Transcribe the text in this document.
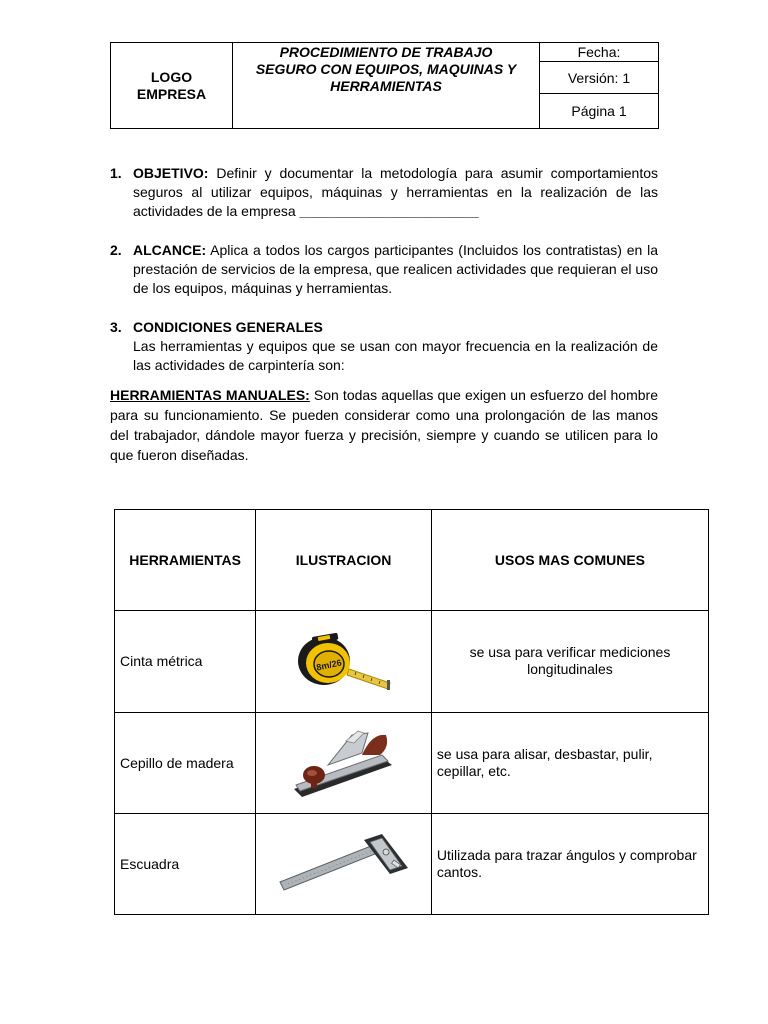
LOGO
EMPRESA
PROCEDIMIENTO DE TRABAJO
SEGURO CON EQUIPOS, MAQUINAS Y
HERRAMIENTAS
Fecha:
Versión: 1
Página 1
1. OBJETIVO: Definir y documentar la metodología para asumir comportamientos seguros al utilizar equipos, máquinas y herramientas en la realización de las actividades de la empresa _______________________
2. ALCANCE: Aplica a todos los cargos participantes (Incluidos los contratistas) en la prestación de servicios de la empresa, que realicen actividades que requieran el uso de los equipos, máquinas y herramientas.
3. CONDICIONES GENERALES
Las herramientas y equipos que se usan con mayor frecuencia en la realización de las actividades de carpintería son:
HERRAMIENTAS MANUALES: Son todas aquellas que exigen un esfuerzo del hombre para su funcionamiento. Se pueden considerar como una prolongación de las manos del trabajador, dándole mayor fuerza y precisión, siempre y cuando se utilicen para lo que fueron diseñadas.
HERRAMIENTAS	ILUSTRACION	USOS MAS COMUNES
Cinta métrica	8m/26	se usa para verificar mediciones longitudinales
Cepillo de madera		se usa para alisar, desbastar, pulir, cepillar, etc.
Escuadra		Utilizada para trazar ángulos y comprobar cantos.
